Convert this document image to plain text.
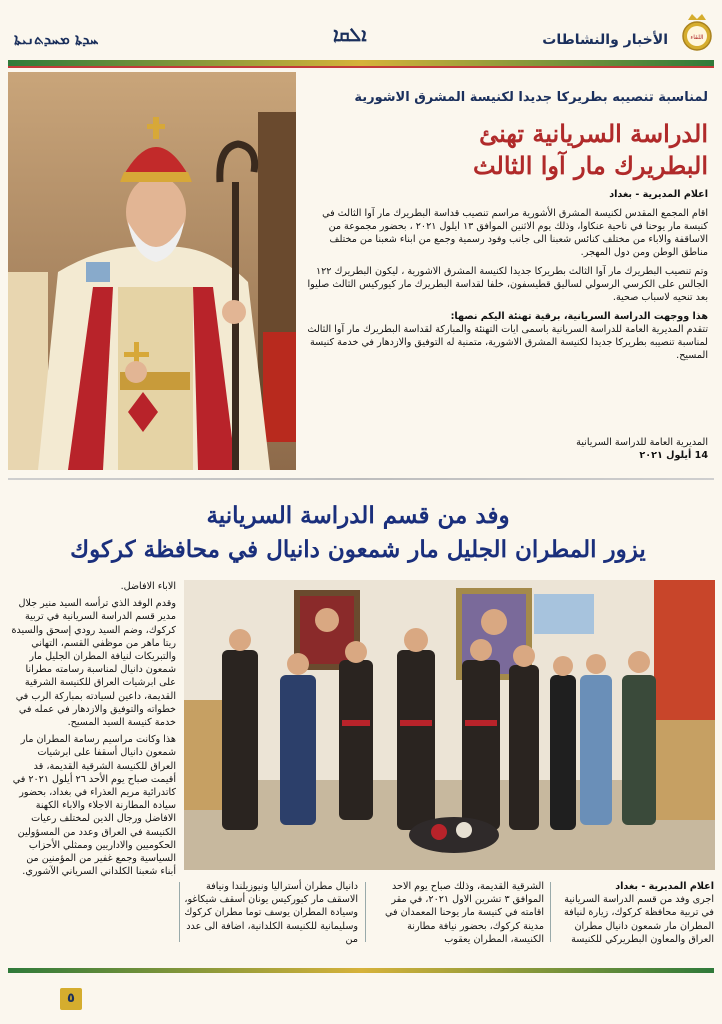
ܚܕܬܐ ܡܚܕܬܢܝܬܐ	ܐܠܩܐ	الأخبار والنشاطات	اللقاء
لمناسبة تنصيبه بطريركا جديدا لكنيسة المشرق الاشورية
الدراسة السريانية تهنئ
البطريرك مار آوا الثالث

اعلام المديرية - بغداد

اقام المجمع المقدس لكنيسة المشرق الأشورية مراسم تنصيب قداسة البطريرك مار آوا الثالث في كنيسة مار يوحنا في ناحية عنكاوا، وذلك يوم الاثنين الموافق ١٣ ايلول ٢٠٢١ ، بحضور مجموعة من الاساقفة والاباء من مختلف كنائس شعبنا الى جانب وفود رسمية وجمع من ابناء شعبنا من مختلف مناطق الوطن ومن دول المهجر.

وتم تنصيب البطريرك مار آوا الثالث بطريركا جديدا لكنيسة المشرق الاشورية ، ليكون البطريرك ١٢٢ الجالس على الكرسي الرسولي لساليق قطيسفون، خلفا لقداسة البطريرك مار كيوركيس الثالث صليوا بعد تنحيه لاسباب صحية.

هذا ووجهت الدراسة السريانية، برقية تهنئة اليكم نصها:

تتقدم المديرية العامة للدراسة السريانية باسمى ايات التهنئة والمباركة لقداسة البطريرك مار آوا الثالث لمناسبة تنصيبه بطريركا جديدا لكنيسة المشرق الاشورية، متمنية له التوفيق والازدهار في خدمة كنيسة المسيح.

المديرية العامة للدراسة السريانية
14 أيلول ٢٠٢١
وفد من قسم الدراسة السريانية
يزور المطران الجليل مار شمعون دانيال في محافظة كركوك

الاباء الافاضل.

وقدم الوفد الذي ترأسه السيد منير جلال مدير قسم الدراسة السريانية في تربية كركوك، وضم السيد رودي إسحق والسيدة ريتا ماهر من موظفي القسم، التهاني والتبريكات لنيافة المطران الجليل مار شمعون دانيال لمناسبة رسامته مطرانا على ابرشيات العراق للكنيسة الشرقية القديمة، داعين لسيادته بمباركة الرب في خطواته والتوفيق والازدهار في عمله في خدمة كنيسة السيد المسيح.

هذا وكانت مراسيم رسامة المطران مار شمعون دانيال أسقفا على ابرشيات العراق للكنيسة الشرقية القديمة، قد أقيمت صباح يوم الأحد ٢٦ أيلول ٢٠٢١ في كاتدرائية مريم العذراء في بغداد، بحضور سيادة المطارنة الاجلاء والاباء الكهنة الافاضل ورجال الدين لمختلف رعيات الكنيسة في العراق وعدد من المسؤولين الحكوميين والاداريين وممثلي الأحزاب السياسية وجمع غفير من المؤمنين من أبناء شعبنا الكلداني السرياني الآشوري.

اعلام المديرية - بغداد
اجرى وفد من قسم الدراسة السريانية في تربية محافظة كركوك، زيارة لنيافة المطران مار شمعون دانيال مطران العراق والمعاون البطريركي للكنيسة
الشرقية القديمة، وذلك صباح يوم الاحد الموافق ٣ تشرين الاول ٢٠٢١، في مقر اقامته في كنيسة مار يوحنا المعمدان في مدينة كركوك، بحضور نيافة مطارنة الكنيسة، المطران يعقوب
دانيال مطران أستراليا ونيوزيلندا ونيافة الاسقف مار كيوركيس يونان أسقف شيكاغو، وسيادة المطران يوسف توما مطران كركوك وسليمانية للكنيسة الكلدانية، اضافة الى عدد من
٥
